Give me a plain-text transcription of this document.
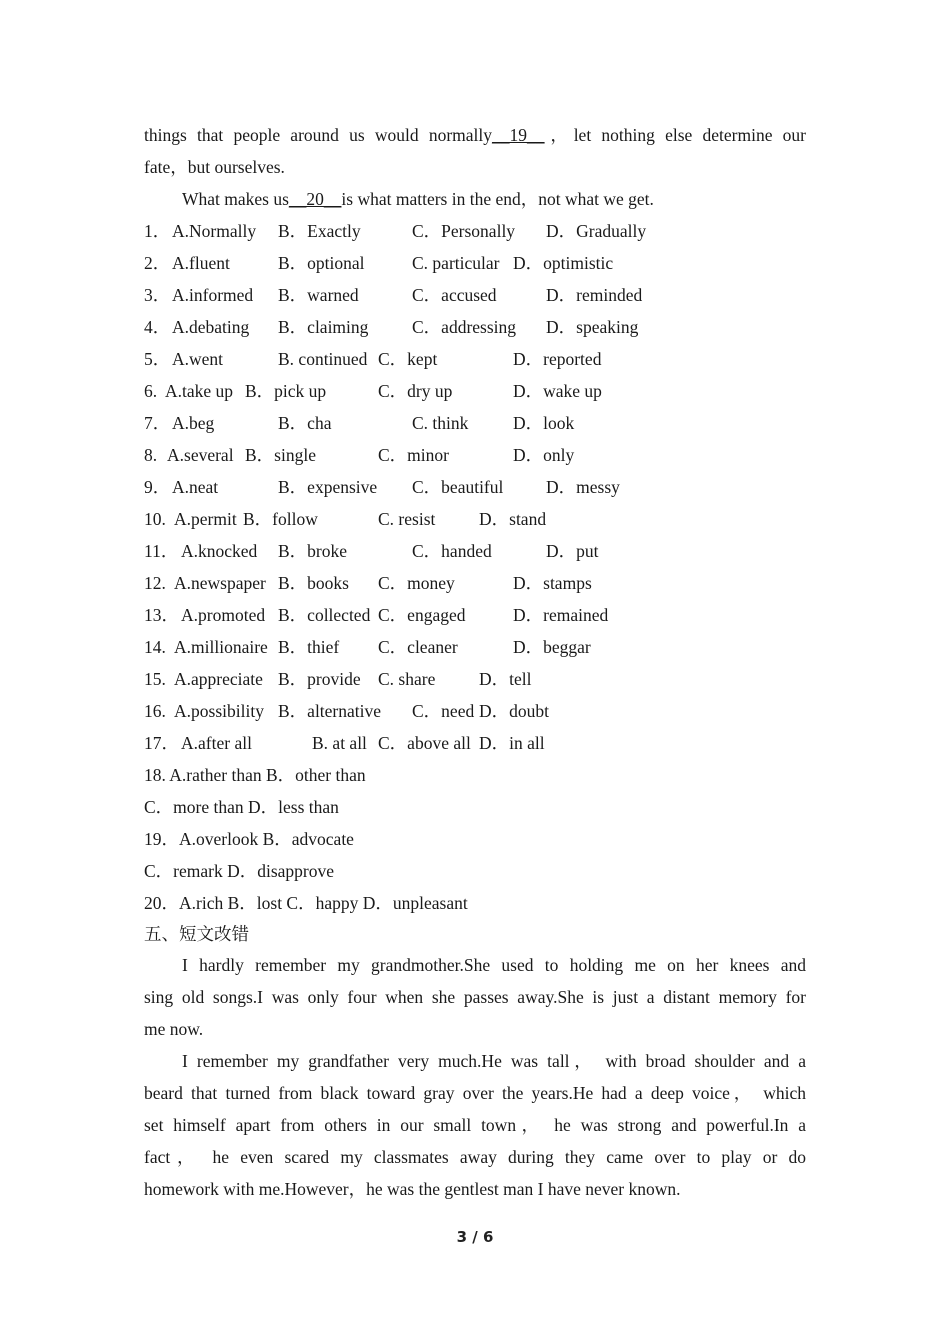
things that people around us would normally__19__，let nothing else determine our
fate，but ourselves.
What makes us__20__is what matters in the end，not what we get.
1． A.Normally B．Exactly	C．Personally D．Gradually
2． A.fluent	B．optional	C. particular D．optimistic
3． A.informed B．warned	C．accused	D．reminded
4． A.debating B．claiming C．addressing D．speaking
5． A.went	B. continued C．kept	D．reported
6. A.take up B．pick up	C．dry up	D．wake up
7． A.beg	B．cha	C. think	D．look
8. A.several B．single	C．minor	D．only
9． A.neat	B．expensive C．beautiful D．messy
10. A.permit B．follow	C. resist D．stand
11． A.knocked B．broke	C．handed	D．put
12. A.newspaper B．books C．money	D．stamps
13． A.promoted B．collected C．engaged	D．remained
14. A.millionaire B．thief C．cleaner	D．beggar
15. A.appreciate B．provide C. share D．tell
16. A.possibility B．alternative C．need D．doubt
17． A.after all	B. at all C．above all D．in all
18. A.rather than B．other than
C．more than D．less than
19．A.overlook B．advocate
C．remark D．disapprove
20．A.rich B．lost C．happy D．unpleasant
五、短文改错
I hardly remember my grandmother.She used to holding me on her knees and
sing old songs.I was only four when she passes away.She is just a distant memory for
me now.
I remember my grandfather very much.He was tall， with broad shoulder and a
beard that turned from black toward gray over the years.He had a deep voice， which
set himself apart from others in our small town， he was strong and powerful.In a
fact， he even scared my classmates away during they came over to play or do
homework with me.However，he was the gentlest man I have never known.
3 / 6
